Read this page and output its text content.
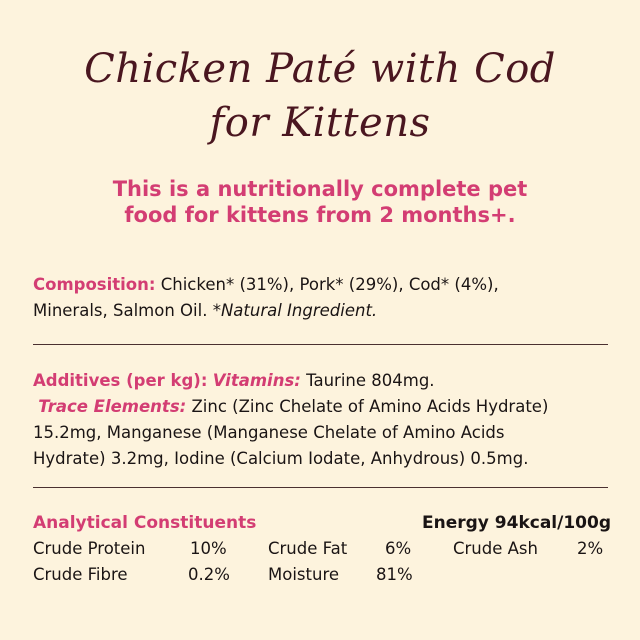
Chicken Paté with Cod
for Kittens
This is a nutritionally complete pet
food for kittens from 2 months+.
Composition: Chicken* (31%), Pork* (29%), Cod* (4%),
Minerals, Salmon Oil. *Natural Ingredient.
Additives (per kg): Vitamins: Taurine 804mg.
Trace Elements: Zinc (Zinc Chelate of Amino Acids Hydrate)
15.2mg, Manganese (Manganese Chelate of Amino Acids
Hydrate) 3.2mg, Iodine (Calcium Iodate, Anhydrous) 0.5mg.
Analytical Constituents	Energy 94kcal/100g
Crude Protein	10%	Crude Fat 6%	Crude Ash 2%
Crude Fibre	0.2% Moisture 81%
